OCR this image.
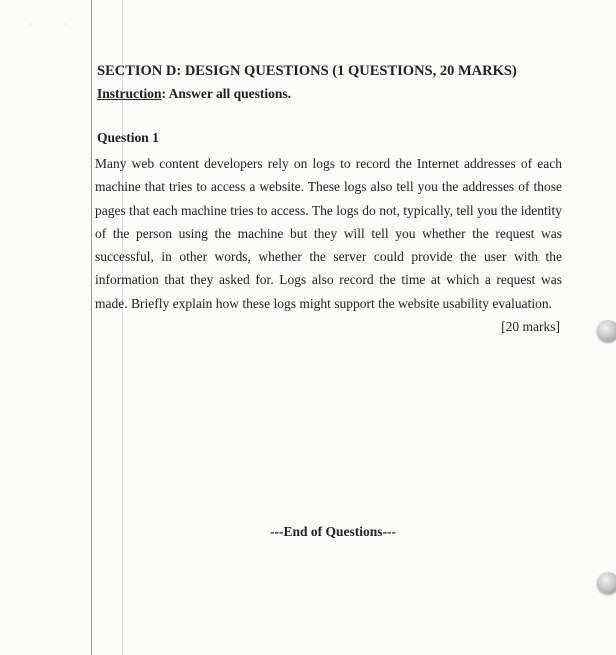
· · ·
SECTION D: DESIGN QUESTIONS (1 QUESTIONS, 20 MARKS)
Instruction: Answer all questions.
Question 1
Many web content developers rely on logs to record the Internet addresses of each machine that tries to access a website. These logs also tell you the addresses of those pages that each machine tries to access. The logs do not, typically, tell you the identity of the person using the machine but they will tell you whether the request was successful, in other words, whether the server could provide the user with the information that they asked for. Logs also record the time at which a request was made. Briefly explain how these logs might support the website usability evaluation.
[20 marks]
---End of Questions---
